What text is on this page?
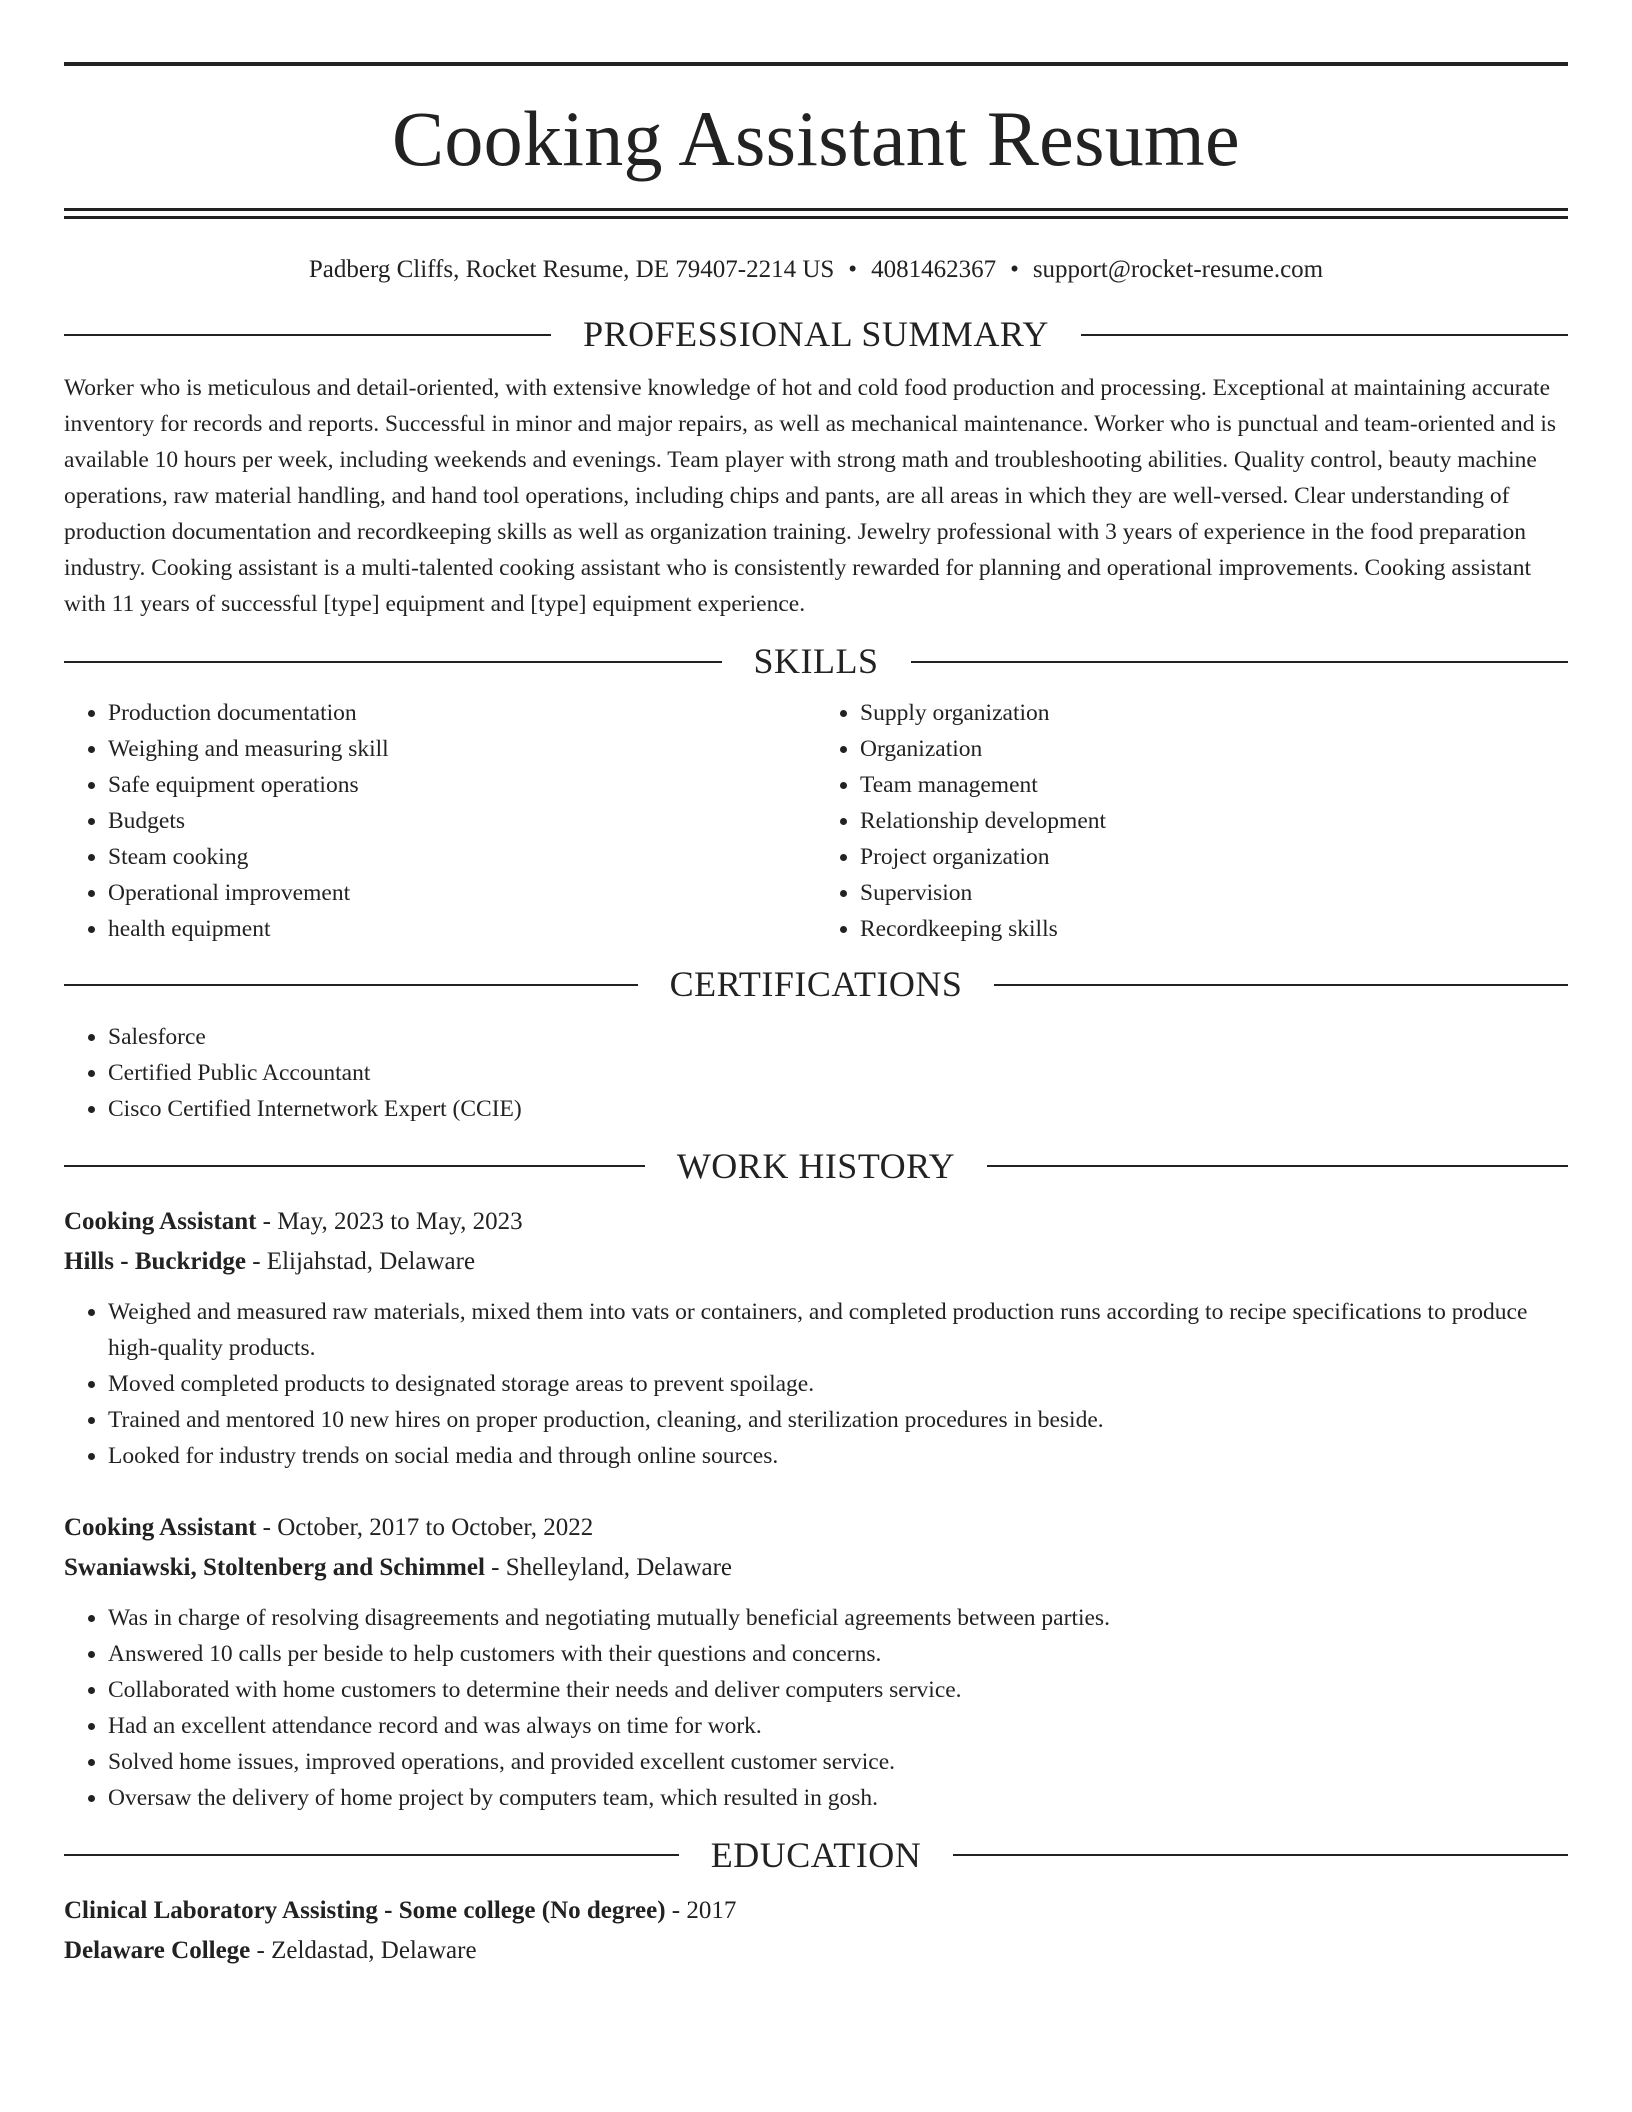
Cooking Assistant Resume
Padberg Cliffs, Rocket Resume, DE 79407-2214 US • 4081462367 • support@rocket-resume.com
PROFESSIONAL SUMMARY

Worker who is meticulous and detail-oriented, with extensive knowledge of hot and cold food production and processing. Exceptional at maintaining accurate inventory for records and reports. Successful in minor and major repairs, as well as mechanical maintenance. Worker who is punctual and team-oriented and is available 10 hours per week, including weekends and evenings. Team player with strong math and troubleshooting abilities. Quality control, beauty machine operations, raw material handling, and hand tool operations, including chips and pants, are all areas in which they are well-versed. Clear understanding of production documentation and recordkeeping skills as well as organization training. Jewelry professional with 3 years of experience in the food preparation industry. Cooking assistant is a multi-talented cooking assistant who is consistently rewarded for planning and operational improvements. Cooking assistant with 11 years of successful [type] equipment and [type] equipment experience.

SKILLS
• Production documentation
• Weighing and measuring skill
• Safe equipment operations
• Budgets
• Steam cooking
• Operational improvement
• health equipment
• Supply organization
• Organization
• Team management
• Relationship development
• Project organization
• Supervision
• Recordkeeping skills
CERTIFICATIONS
• Salesforce
• Certified Public Accountant
• Cisco Certified Internetwork Expert (CCIE)
WORK HISTORY
Cooking Assistant - May, 2023 to May, 2023
Hills - Buckridge - Elijahstad, Delaware
• Weighed and measured raw materials, mixed them into vats or containers, and completed production runs according to recipe specifications to produce high-quality products.
• Moved completed products to designated storage areas to prevent spoilage.
• Trained and mentored 10 new hires on proper production, cleaning, and sterilization procedures in beside.
• Looked for industry trends on social media and through online sources.
Cooking Assistant - October, 2017 to October, 2022
Swaniawski, Stoltenberg and Schimmel - Shelleyland, Delaware
• Was in charge of resolving disagreements and negotiating mutually beneficial agreements between parties.
• Answered 10 calls per beside to help customers with their questions and concerns.
• Collaborated with home customers to determine their needs and deliver computers service.
• Had an excellent attendance record and was always on time for work.
• Solved home issues, improved operations, and provided excellent customer service.
• Oversaw the delivery of home project by computers team, which resulted in gosh.
EDUCATION
Clinical Laboratory Assisting - Some college (No degree) - 2017
Delaware College - Zeldastad, Delaware
